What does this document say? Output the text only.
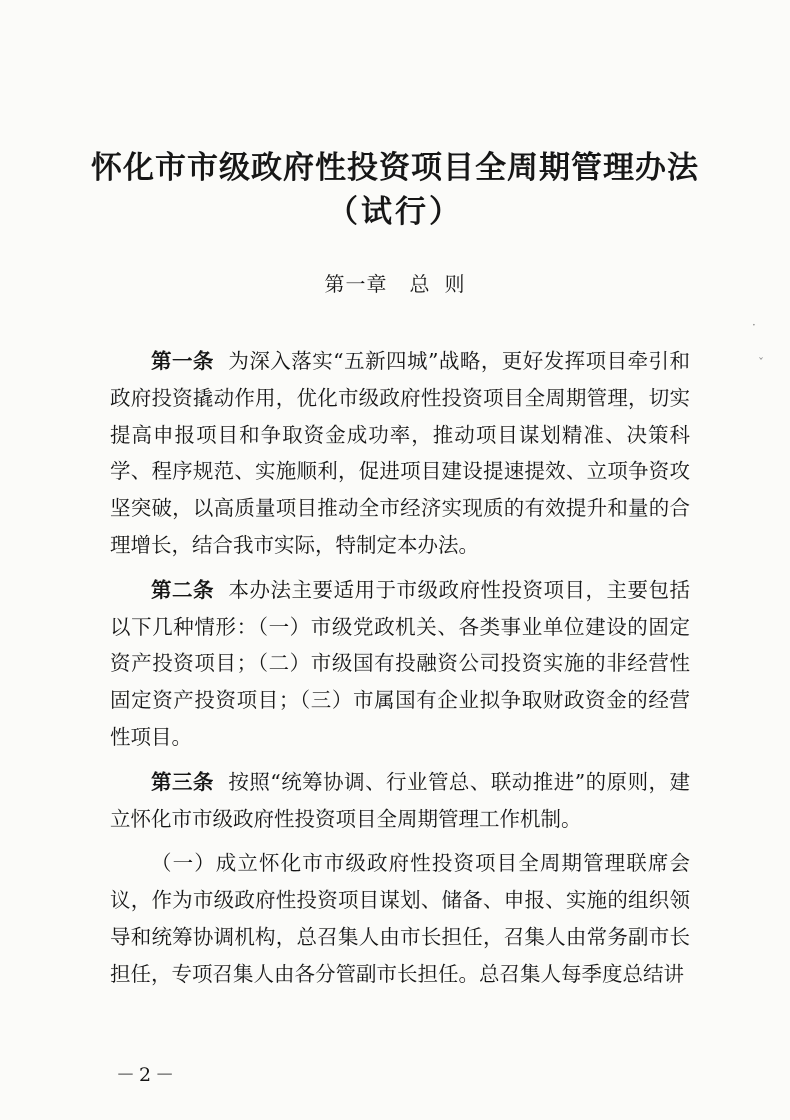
怀化市市级政府性投资项目全周期管理办法
（试行）
第一章 总 则

第一条 为深入落实“五新四城”战略，更好发挥项目牵引和政府投资撬动作用，优化市级政府性投资项目全周期管理，切实提高申报项目和争取资金成功率，推动项目谋划精准、决策科学、程序规范、实施顺利，促进项目建设提速提效、立项争资攻坚突破，以高质量项目推动全市经济实现质的有效提升和量的合理增长，结合我市实际，特制定本办法。

第二条 本办法主要适用于市级政府性投资项目，主要包括以下几种情形：（一）市级党政机关、各类事业单位建设的固定资产投资项目；（二）市级国有投融资公司投资实施的非经营性固定资产投资项目；（三）市属国有企业拟争取财政资金的经营性项目。

第三条 按照“统筹协调、行业管总、联动推进”的原则，建立怀化市市级政府性投资项目全周期管理工作机制。

（一）成立怀化市市级政府性投资项目全周期管理联席会议，作为市级政府性投资项目谋划、储备、申报、实施的组织领导和统筹协调机构，总召集人由市长担任，召集人由常务副市长担任，专项召集人由各分管副市长担任。总召集人每季度总结讲

－2－
·
ˇ
